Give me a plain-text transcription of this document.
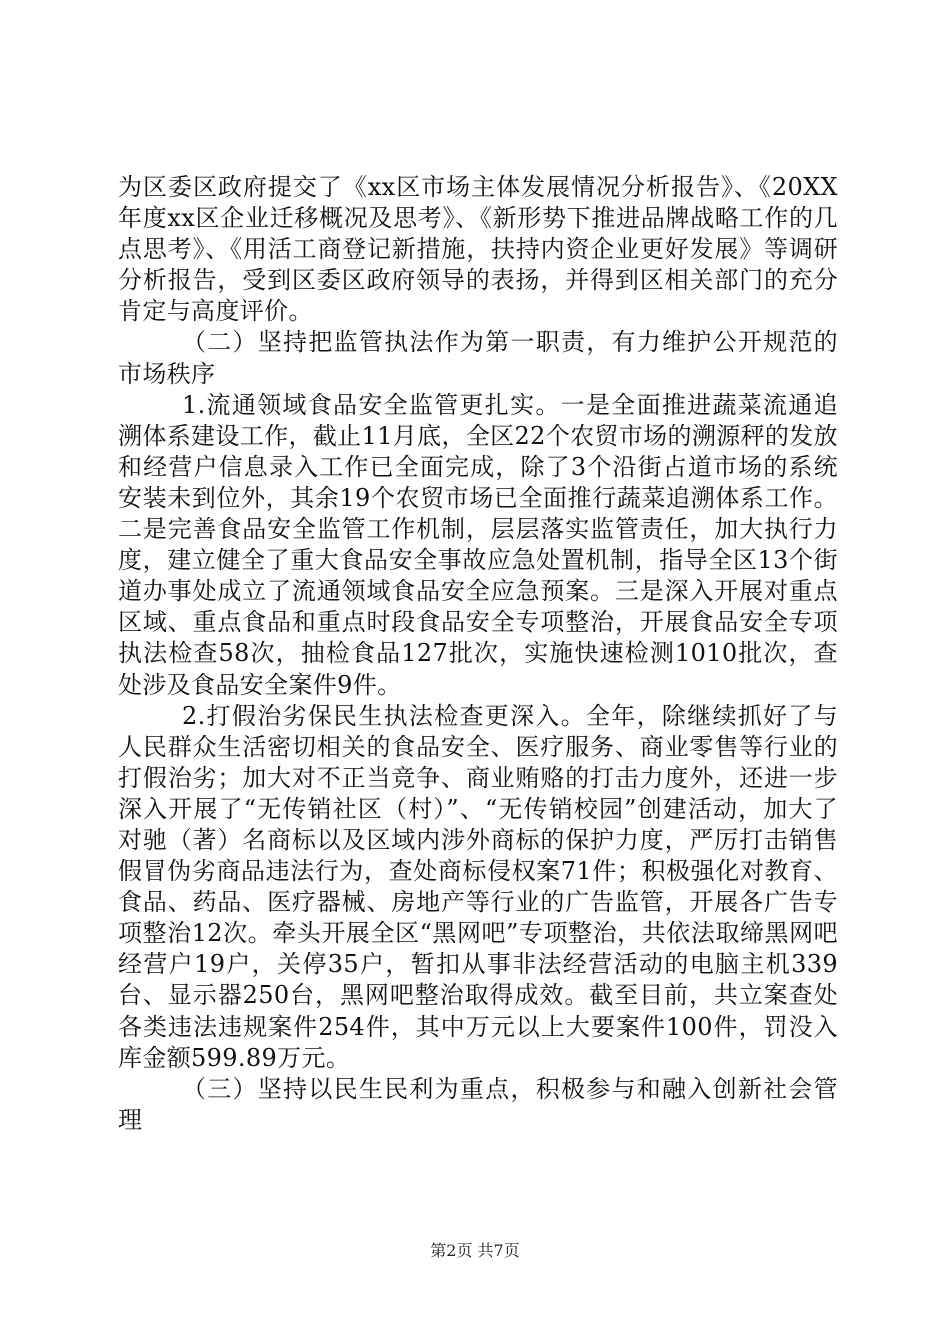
为区委区政府提交了《xx区市场主体发展情况分析报告》、《20XX年度xx区企业迁移概况及思考》、《新形势下推进品牌战略工作的几点思考》、《用活工商登记新措施，扶持内资企业更好发展》等调研分析报告，受到区委区政府领导的表扬，并得到区相关部门的充分肯定与高度评价。

（二）坚持把监管执法作为第一职责，有力维护公开规范的市场秩序

1.流通领域食品安全监管更扎实。一是全面推进蔬菜流通追溯体系建设工作，截止11月底，全区22个农贸市场的溯源秤的发放和经营户信息录入工作已全面完成，除了3个沿街占道市场的系统安装未到位外，其余19个农贸市场已全面推行蔬菜追溯体系工作。二是完善食品安全监管工作机制，层层落实监管责任，加大执行力度，建立健全了重大食品安全事故应急处置机制，指导全区13个街道办事处成立了流通领域食品安全应急预案。三是深入开展对重点区域、重点食品和重点时段食品安全专项整治，开展食品安全专项执法检查58次，抽检食品127批次，实施快速检测1010批次，查处涉及食品安全案件9件。

2.打假治劣保民生执法检查更深入。全年，除继续抓好了与人民群众生活密切相关的食品安全、医疗服务、商业零售等行业的打假治劣；加大对不正当竞争、商业贿赂的打击力度外，还进一步深入开展了“无传销社区（村）”、“无传销校园”创建活动，加大了对驰（著）名商标以及区域内涉外商标的保护力度，严厉打击销售假冒伪劣商品违法行为，查处商标侵权案71件；积极强化对教育、食品、药品、医疗器械、房地产等行业的广告监管，开展各广告专项整治12次。牵头开展全区“黑网吧”专项整治，共依法取缔黑网吧经营户19户，关停35户，暂扣从事非法经营活动的电脑主机339台、显示器250台，黑网吧整治取得成效。截至目前，共立案查处各类违法违规案件254件，其中万元以上大要案件100件，罚没入库金额599.89万元。

（三）坚持以民生民利为重点，积极参与和融入创新社会管理

第2页 共7页
